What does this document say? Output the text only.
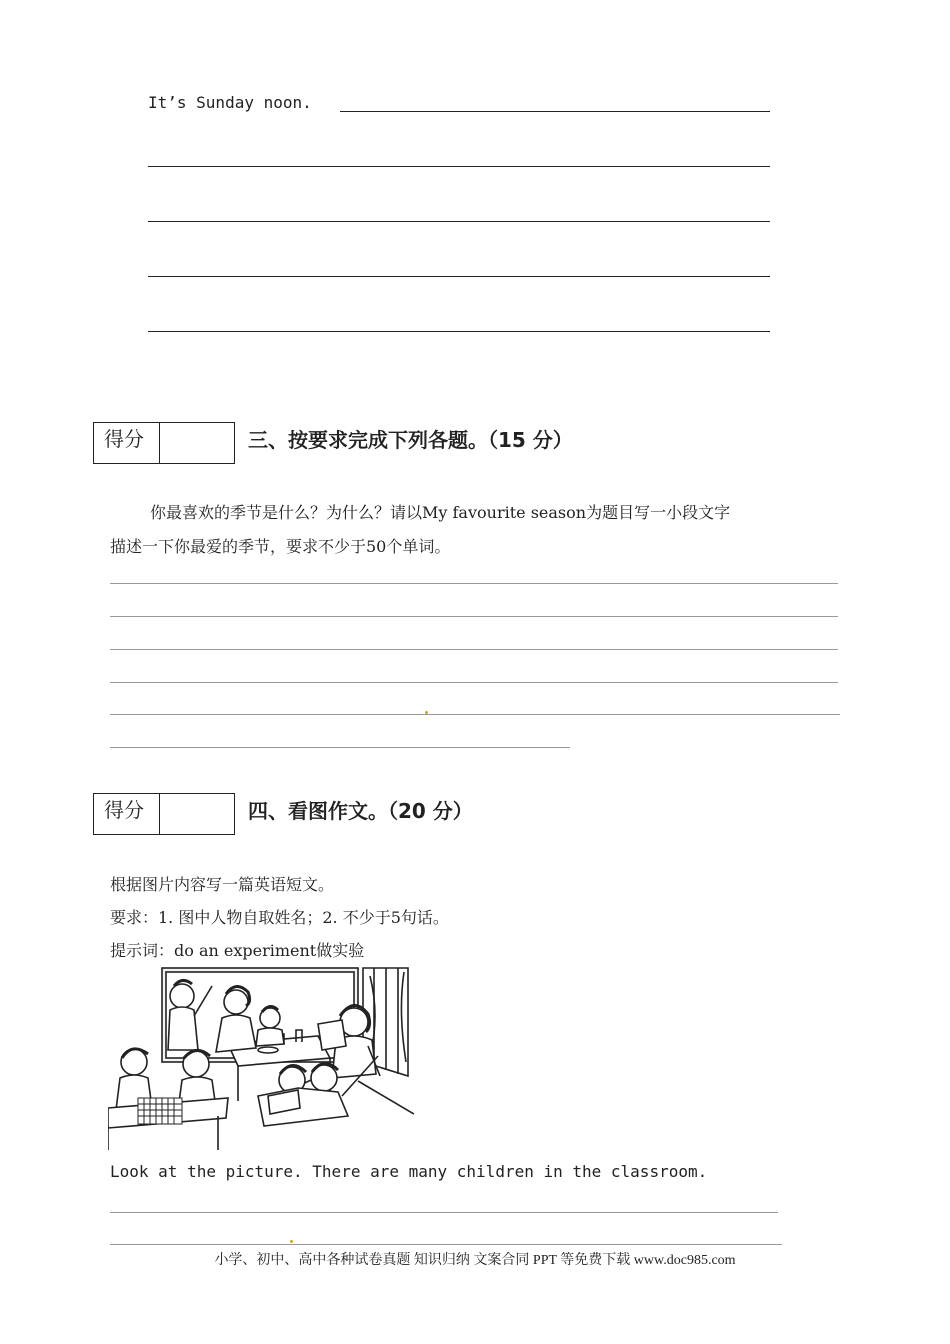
It’s Sunday noon.
得分	三、按要求完成下列各题。（15 分）
你最喜欢的季节是什么？为什么？请以My favourite season为题目写一小段文字
描述一下你最爱的季节，要求不少于50个单词。
得分	四、看图作文。（20 分）
根据图片内容写一篇英语短文。
要求：1. 图中人物自取姓名；2. 不少于5句话。
提示词：do an experiment做实验
Look at the picture. There are many children in the classroom.
小学、初中、高中各种试卷真题 知识归纳 文案合同 PPT 等免费下载 www.doc985.com
